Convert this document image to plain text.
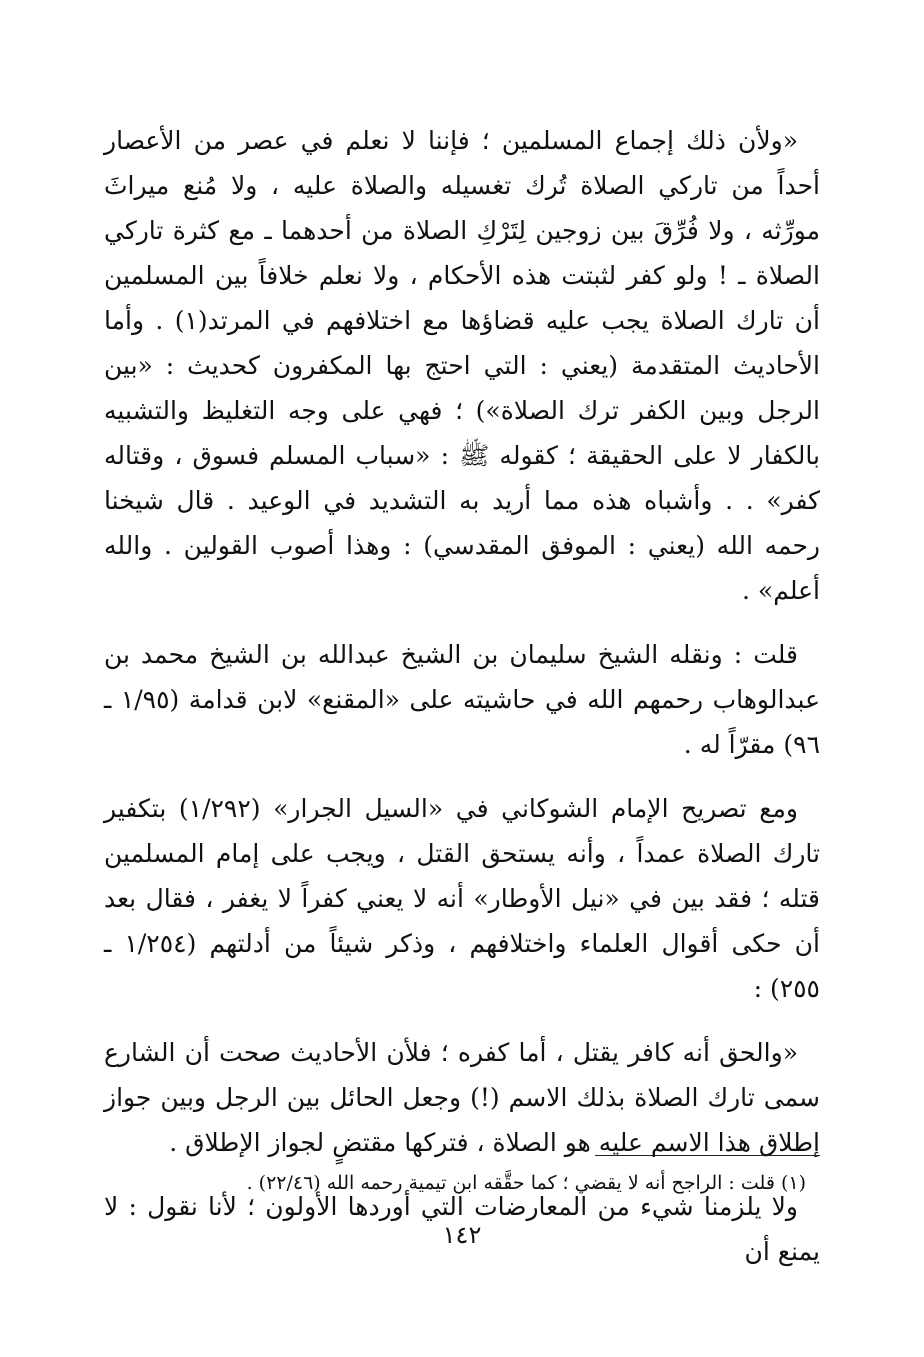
«ولأن ذلك إجماع المسلمين ؛ فإننا لا نعلم في عصر من الأعصار أحداً من تاركي الصلاة تُرك تغسيله والصلاة عليه ، ولا مُنع ميراثَ مورِّثه ، ولا فُرِّقَ بين زوجين لِتَرْكِ الصلاة من أحدهما ـ مع كثرة تاركي الصلاة ـ ! ولو كفر لثبتت هذه الأحكام ، ولا نعلم خلافاً بين المسلمين أن تارك الصلاة يجب عليه قضاؤها مع اختلافهم في المرتد(١) . وأما الأحاديث المتقدمة (يعني : التي احتج بها المكفرون كحديث : «بين الرجل وبين الكفر ترك الصلاة») ؛ فهي على وجه التغليظ والتشبيه بالكفار لا على الحقيقة ؛ كقوله ﷺ : «سباب المسلم فسوق ، وقتاله كفر» . . وأشباه هذه مما أريد به التشديد في الوعيد . قال شيخنا رحمه الله (يعني : الموفق المقدسي) : وهذا أصوب القولين . والله أعلم» .

قلت : ونقله الشيخ سليمان بن الشيخ عبدالله بن الشيخ محمد بن عبدالوهاب رحمهم الله في حاشيته على «المقنع» لابن قدامة (١/٩٥ ـ ٩٦) مقرّاً له .

ومع تصريح الإمام الشوكاني في «السيل الجرار» (١/٢٩٢) بتكفير تارك الصلاة عمداً ، وأنه يستحق القتل ، ويجب على إمام المسلمين قتله ؛ فقد بين في «نيل الأوطار» أنه لا يعني كفراً لا يغفر ، فقال بعد أن حكى أقوال العلماء واختلافهم ، وذكر شيئاً من أدلتهم (١/٢٥٤ ـ ٢٥٥) :

«والحق أنه كافر يقتل ، أما كفره ؛ فلأن الأحاديث صحت أن الشارع سمى تارك الصلاة بذلك الاسم (!) وجعل الحائل بين الرجل وبين جواز إطلاق هذا الاسم عليه هو الصلاة ، فتركها مقتضٍ لجواز الإطلاق .

ولا يلزمنا شيء من المعارضات التي أوردها الأولون ؛ لأنا نقول : لا يمنع أن

(١) قلت : الراجح أنه لا يقضي ؛ كما حقَّقه ابن تيمية رحمه الله (٢٢/٤٦) .
١٤٢
